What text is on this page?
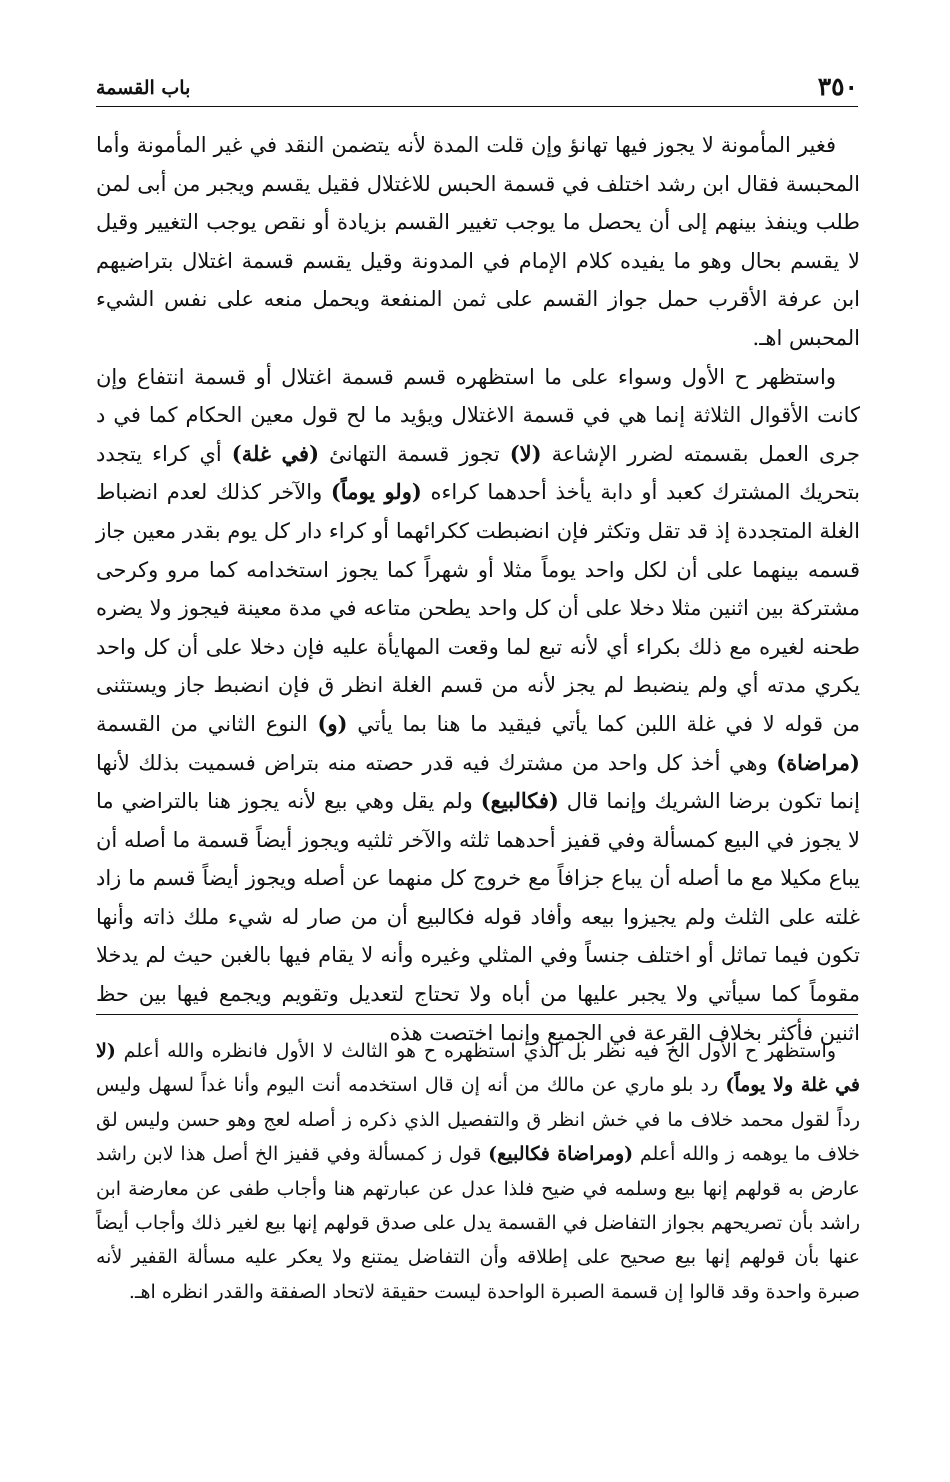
٣٥٠
باب القسمة

فغير المأمونة لا يجوز فيها تهانؤ وإن قلت المدة لأنه يتضمن النقد في غير المأمونة وأما المحبسة فقال ابن رشد اختلف في قسمة الحبس للاغتلال فقيل يقسم ويجبر من أبى لمن طلب وينفذ بينهم إلى أن يحصل ما يوجب تغيير القسم بزيادة أو نقص يوجب التغيير وقيل لا يقسم بحال وهو ما يفيده كلام الإمام في المدونة وقيل يقسم قسمة اغتلال بتراضيهم ابن عرفة الأقرب حمل جواز القسم على ثمن المنفعة ويحمل منعه على نفس الشيء المحبس اهـ.

واستظهر ح الأول وسواء على ما استظهره قسم قسمة اغتلال أو قسمة انتفاع وإن كانت الأقوال الثلاثة إنما هي في قسمة الاغتلال ويؤيد ما لح قول معين الحكام كما في د جرى العمل بقسمته لضرر الإشاعة (لا) تجوز قسمة التهانئ (في غلة) أي كراء يتجدد بتحريك المشترك كعبد أو دابة يأخذ أحدهما كراءه (ولو يوماً) والآخر كذلك لعدم انضباط الغلة المتجددة إذ قد تقل وتكثر فإن انضبطت ككرائهما أو كراء دار كل يوم بقدر معين جاز قسمه بينهما على أن لكل واحد يوماً مثلا أو شهراً كما يجوز استخدامه كما مرو وكرحى مشتركة بين اثنين مثلا دخلا على أن كل واحد يطحن متاعه في مدة معينة فيجوز ولا يضره طحنه لغيره مع ذلك بكراء أي لأنه تبع لما وقعت المهايأة عليه فإن دخلا على أن كل واحد يكري مدته أي ولم ينضبط لم يجز لأنه من قسم الغلة انظر ق فإن انضبط جاز ويستثنى من قوله لا في غلة اللبن كما يأتي فيقيد ما هنا بما يأتي (و) النوع الثاني من القسمة (مراضاة) وهي أخذ كل واحد من مشترك فيه قدر حصته منه بتراض فسميت بذلك لأنها إنما تكون برضا الشريك وإنما قال (فكالبيع) ولم يقل وهي بيع لأنه يجوز هنا بالتراضي ما لا يجوز في البيع كمسألة وفي قفيز أحدهما ثلثه والآخر ثلثيه ويجوز أيضاً قسمة ما أصله أن يباع مكيلا مع ما أصله أن يباع جزافاً مع خروج كل منهما عن أصله ويجوز أيضاً قسم ما زاد غلته على الثلث ولم يجيزوا بيعه وأفاد قوله فكالبيع أن من صار له شيء ملك ذاته وأنها تكون فيما تماثل أو اختلف جنساً وفي المثلي وغيره وأنه لا يقام فيها بالغبن حيث لم يدخلا مقوماً كما سيأتي ولا يجبر عليها من أباه ولا تحتاج لتعديل وتقويم ويجمع فيها بين حظ اثنين فأكثر بخلاف القرعة في الجميع وإنما اختصت هذه

واستظهر ح الأول الخ فيه نظر بل الذي استظهره ح هو الثالث لا الأول فانظره والله أعلم (لا في غلة ولا يوماً) رد بلو ماري عن مالك من أنه إن قال استخدمه أنت اليوم وأنا غداً لسهل وليس رداً لقول محمد خلاف ما في خش انظر ق والتفصيل الذي ذكره ز أصله لعج وهو حسن وليس لق خلاف ما يوهمه ز والله أعلم (ومراضاة فكالبيع) قول ز كمسألة وفي قفيز الخ أصل هذا لابن راشد عارض به قولهم إنها بيع وسلمه في ضيح فلذا عدل عن عبارتهم هنا وأجاب طفى عن معارضة ابن راشد بأن تصريحهم بجواز التفاضل في القسمة يدل على صدق قولهم إنها بيع لغير ذلك وأجاب أيضاً عنها بأن قولهم إنها بيع صحيح على إطلاقه وأن التفاضل يمتنع ولا يعكر عليه مسألة القفير لأنه صبرة واحدة وقد قالوا إن قسمة الصبرة الواحدة ليست حقيقة لاتحاد الصفقة والقدر انظره اهـ.
